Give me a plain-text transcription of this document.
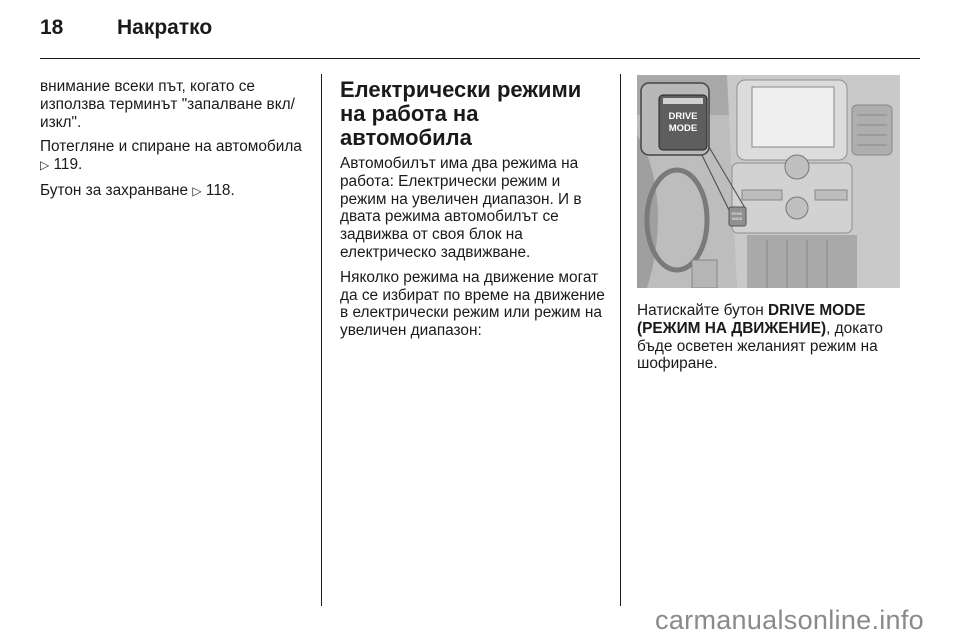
18	Накратко

внимание всеки път, когато се използва терминът "запалване вкл/изкл".

Потегляне и спиране на автомобила ▷ 119.

Бутон за захранване ▷ 118.

Електрически режими на работа на автомобила

Автомобилът има два режима на работа: Електрически режим и режим на увеличен диапазон. И в двата режима автомобилът се задвижва от своя блок на електрическо задвижване.

Няколко режима на движение могат да се избират по време на движение в електрически режим или режим на увеличен диапазон:

DRIVE
MODE
DRIVE
MODE

Натискайте бутон DRIVE MODE (РЕЖИМ НА ДВИЖЕНИЕ), докато бъде осветен желаният режим на шофиране.

carmanualsonline.info
